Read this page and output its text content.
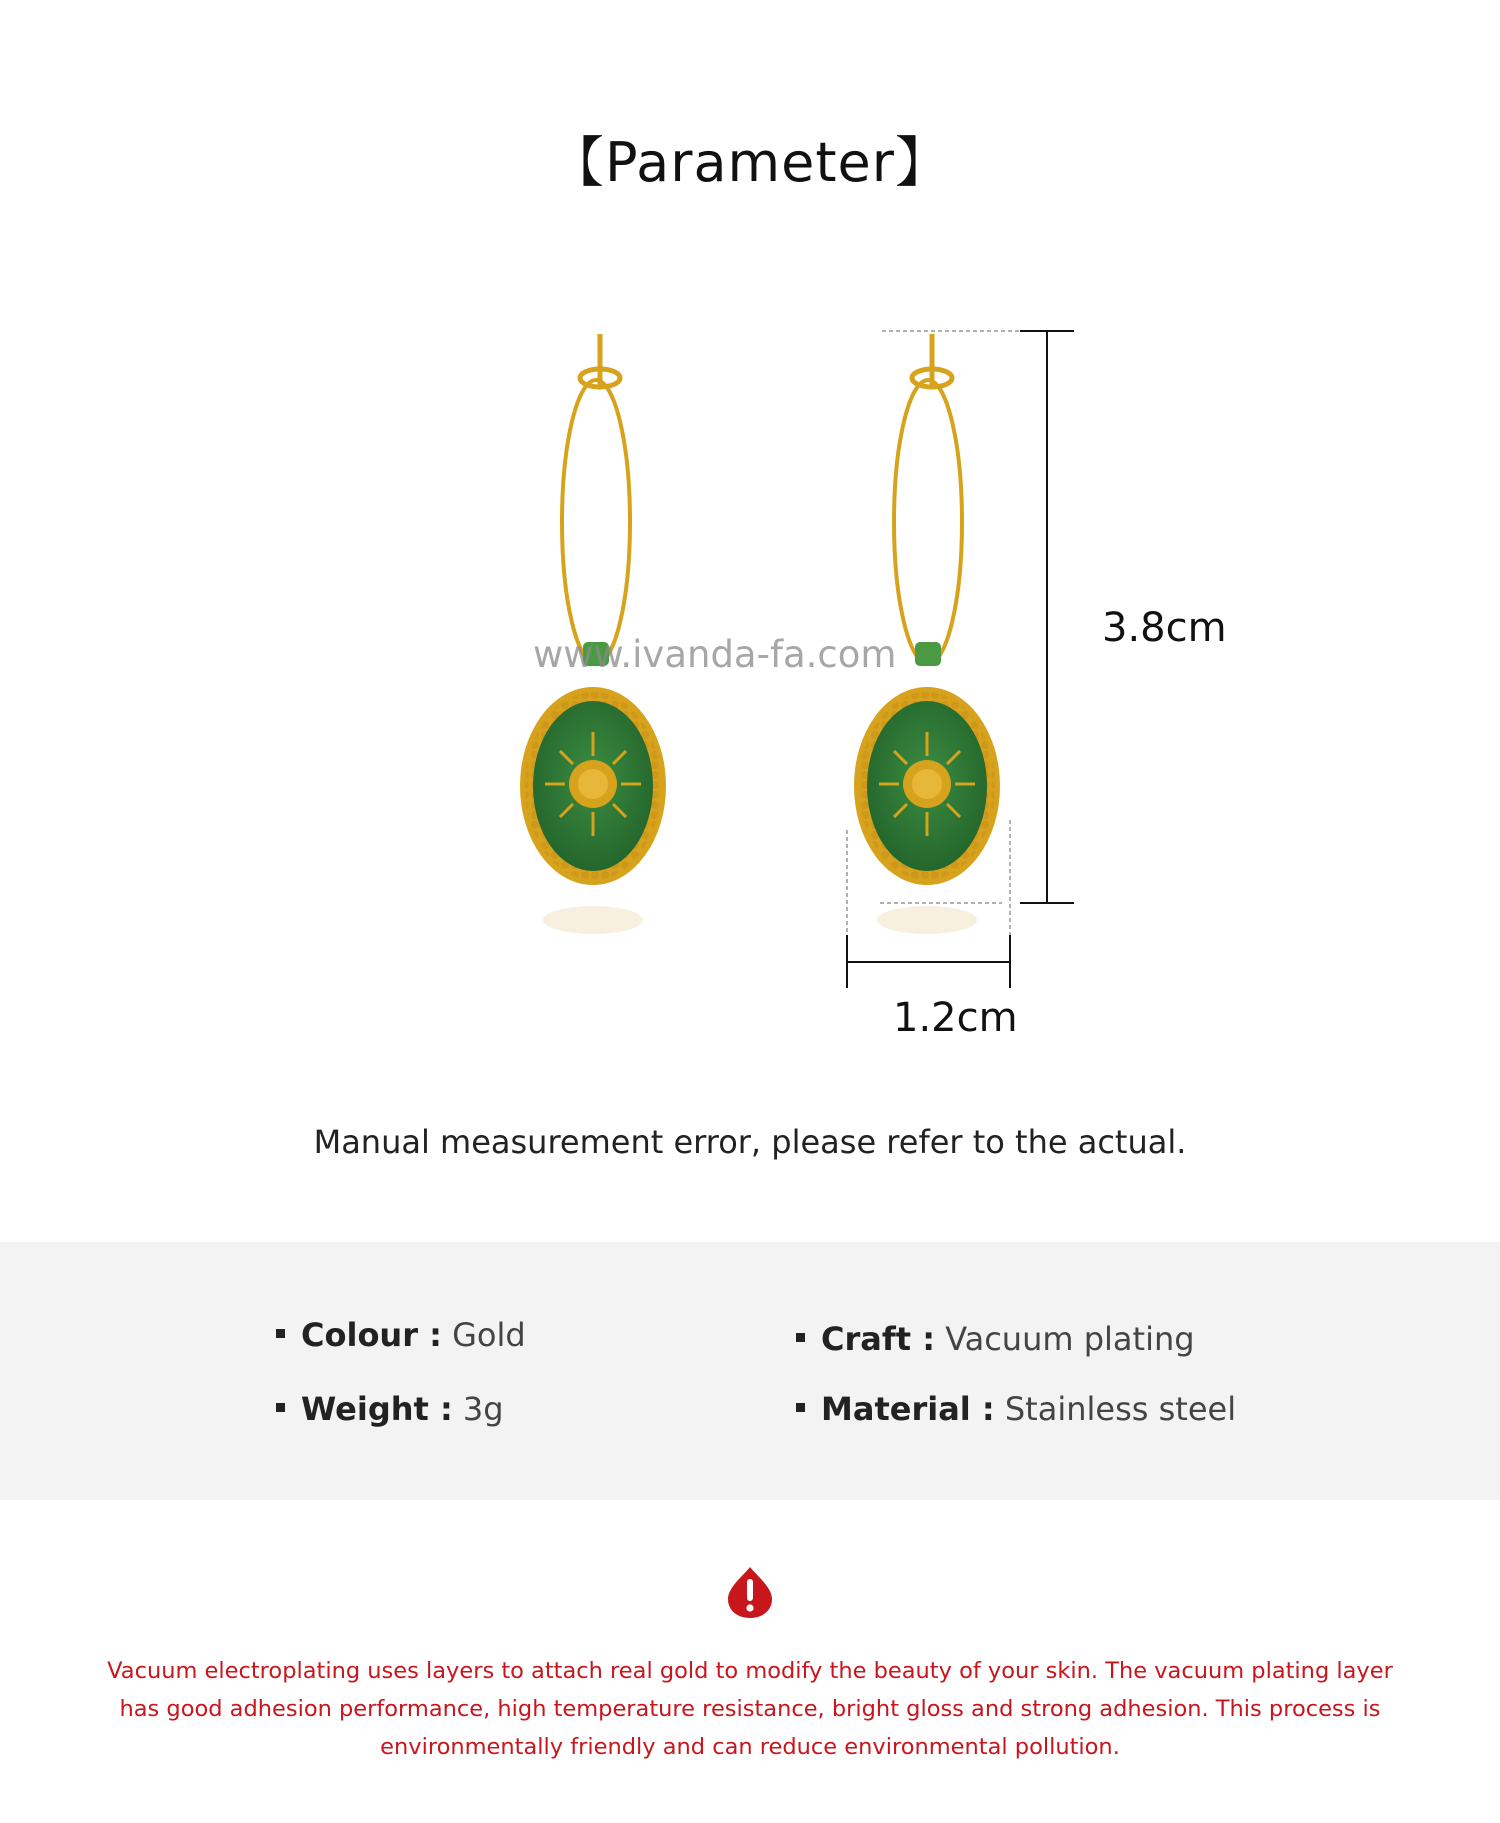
【Parameter】
www.ivanda-fa.com
3.8cm
1.2cm
Manual measurement error, please refer to the actual.
Colour : Gold	Craft : Vacuum plating
Weight : 3g	Material : Stainless steel
Vacuum electroplating uses layers to attach real gold to modify the beauty of your skin. The vacuum plating layer has good adhesion performance, high temperature resistance, bright gloss and strong adhesion. This process is environmentally friendly and can reduce environmental pollution.
